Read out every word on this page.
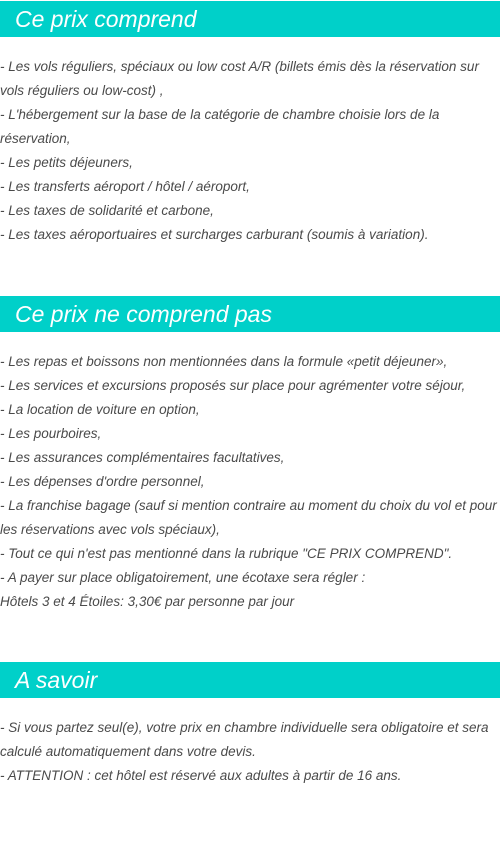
Ce prix comprend
- Les vols réguliers, spéciaux ou low cost A/R (billets émis dès la réservation sur vols réguliers ou low-cost) ,
- L'hébergement sur la base de la catégorie de chambre choisie lors de la réservation,
- Les petits déjeuners,
- Les transferts aéroport / hôtel / aéroport,
- Les taxes de solidarité et carbone,
- Les taxes aéroportuaires et surcharges carburant (soumis à variation).
Ce prix ne comprend pas
- Les repas et boissons non mentionnées dans la formule «petit déjeuner»,
- Les services et excursions proposés sur place pour agrémenter votre séjour,
- La location de voiture en option,
- Les pourboires,
- Les assurances complémentaires facultatives,
- Les dépenses d'ordre personnel,
- La franchise bagage (sauf si mention contraire au moment du choix du vol et pour les réservations avec vols spéciaux),
- Tout ce qui n'est pas mentionné dans la rubrique "CE PRIX COMPREND".
- A payer sur place obligatoirement, une écotaxe sera régler :
Hôtels 3 et 4 Étoiles: 3,30€ par personne par jour
A savoir
- Si vous partez seul(e), votre prix en chambre individuelle sera obligatoire et sera calculé automatiquement dans votre devis.
- ATTENTION : cet hôtel est réservé aux adultes à partir de 16 ans.
